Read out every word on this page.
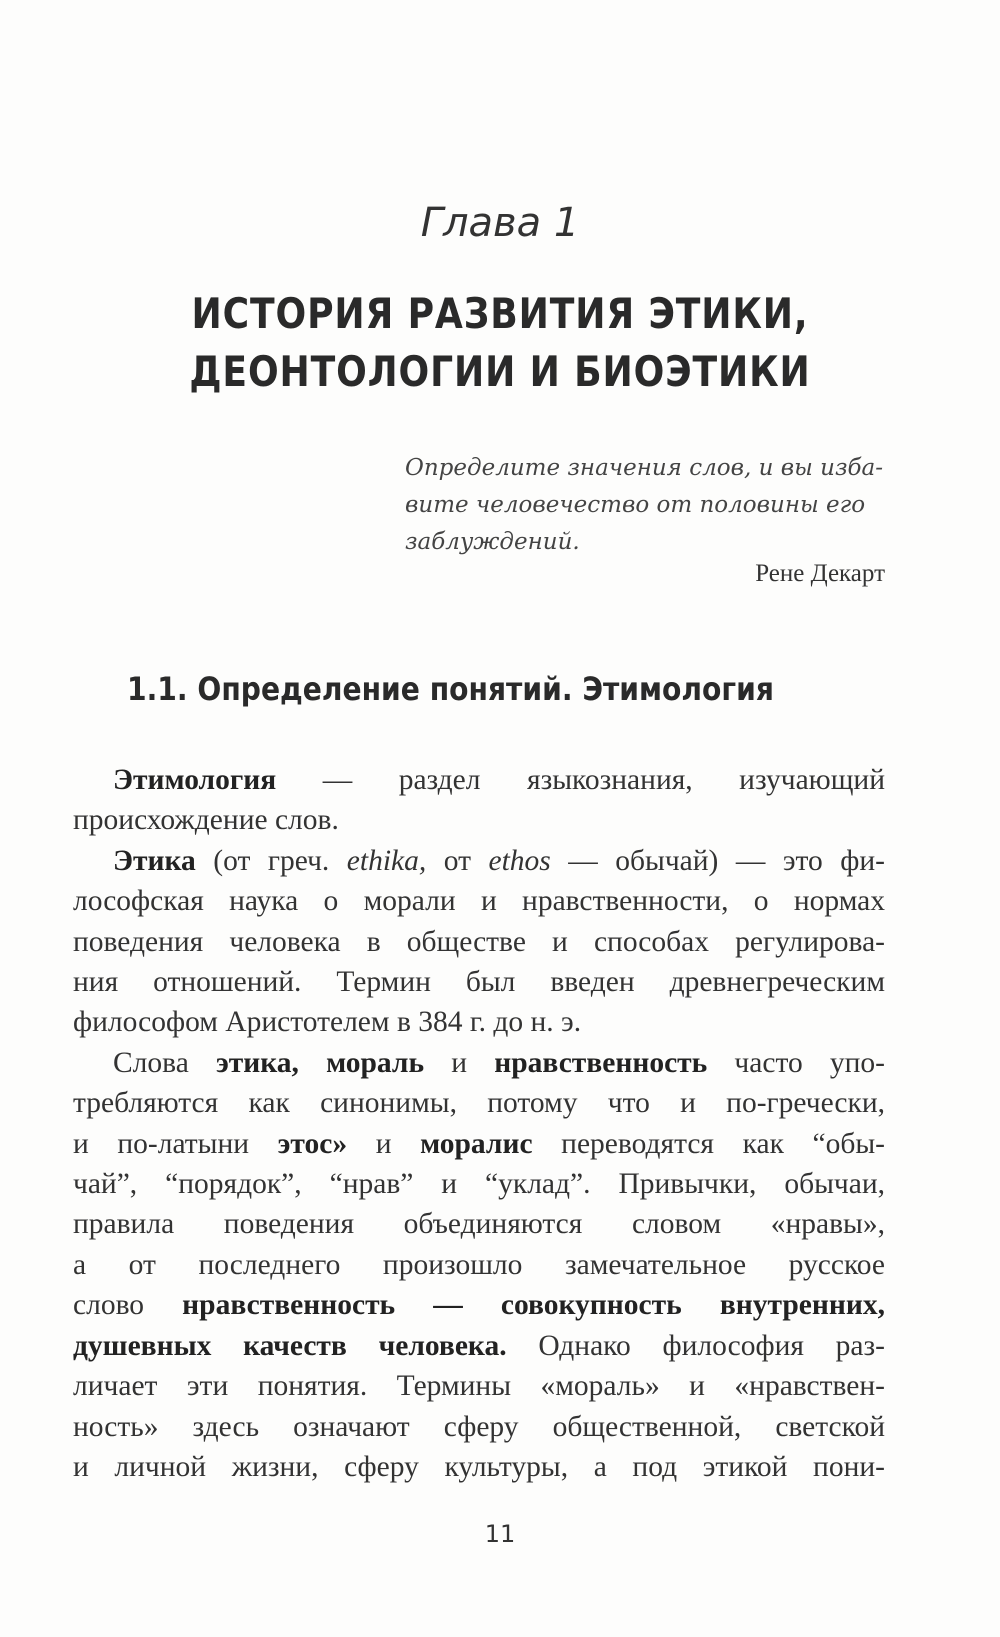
Глава 1
ИСТОРИЯ РАЗВИТИЯ ЭТИКИ,
ДЕОНТОЛОГИИ И БИОЭТИКИ
Определите значения слов, и вы изба-
вите человечество от половины его
заблуждений.
Рене Декарт
1.1. Определение понятий. Этимология

Этимология — раздел языкознания, изучающий

происхождение слов.

Этика (от греч. ethika, от ethos — обычай) — это фи-

лософская наука о морали и нравственности, о нормах

поведения человека в обществе и способах регулирова-

ния отношений. Термин был введен древнегреческим

философом Аристотелем в 384 г. до н. э.

Слова этика, мораль и нравственность часто упо-

требляются как синонимы, потому что и по-гречески,

и по-латыни этос» и моралис переводятся как “обы-

чай”, “порядок”, “нрав” и “уклад”. Привычки, обычаи,

правила поведения объединяются словом «нравы»,

а от последнего произошло замечательное русское

слово нравственность — совокупность внутренних,

душевных качеств человека. Однако философия раз-

личает эти понятия. Термины «мораль» и «нравствен-

ность» здесь означают сферу общественной, светской

и личной жизни, сферу культуры, а под этикой пони-

11
